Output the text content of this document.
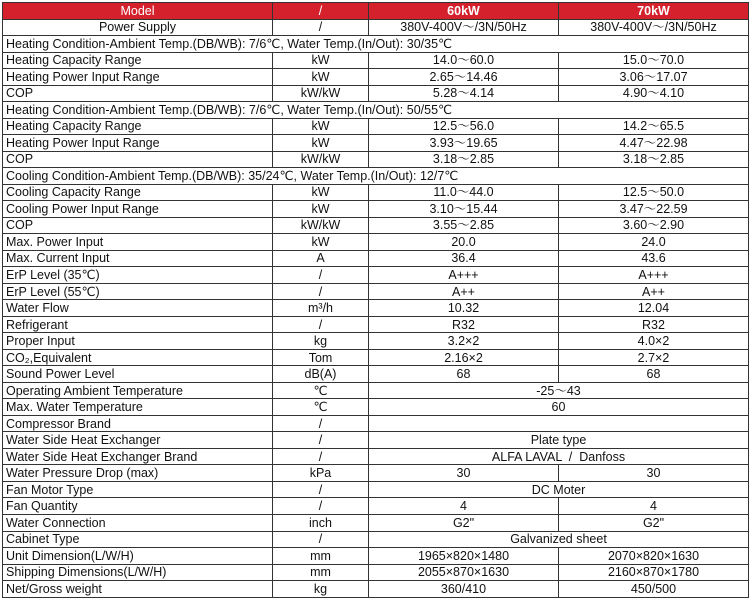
Model	/	60kW	70kW
Power Supply	/	380V-400V～/3N/50Hz	380V-400V～/3N/50Hz
Heating Condition-Ambient Temp.(DB/WB): 7/6℃, Water Temp.(In/Out): 30/35℃			
Heating Capacity Range	kW	14.0～60.0	15.0～70.0
Heating Power Input Range	kW	2.65～14.46	3.06～17.07
COP	kW/kW	5.28～4.14	4.90～4.10
Heating Condition-Ambient Temp.(DB/WB): 7/6℃, Water Temp.(In/Out): 50/55℃			
Heating Capacity Range	kW	12.5～56.0	14.2～65.5
Heating Power Input Range	kW	3.93～19.65	4.47～22.98
COP	kW/kW	3.18～2.85	3.18～2.85
Cooling Condition-Ambient Temp.(DB/WB): 35/24℃, Water Temp.(In/Out): 12/7℃			
Cooling Capacity Range	kW	11.0～44.0	12.5～50.0
Cooling Power Input Range	kW	3.10～15.44	3.47～22.59
COP	kW/kW	3.55～2.85	3.60～2.90
Max. Power Input	kW	20.0	24.0
Max. Current Input	A	36.4	43.6
ErP Level (35℃)	/	A+++	A+++
ErP Level (55℃)	/	A++	A++
Water Flow	m³/h	10.32	12.04
Refrigerant	/	R32	R32
Proper Input	kg	3.2×2	4.0×2
CO₂,Equivalent	Tom	2.16×2	2.7×2
Sound Power Level	dB(A)	68	68
Operating Ambient Temperature	℃	-25～43	
Max. Water Temperature	℃	60	
Compressor Brand	/		
Water Side Heat Exchanger	/	Plate type	
Water Side Heat Exchanger Brand	/	ALFA LAVAL  /  Danfoss	
Water Pressure Drop (max)	kPa	30	30
Fan Motor Type	/	DC Moter	
Fan Quantity	/	4	4
Water Connection	inch	G2"	G2"
Cabinet Type	/	Galvanized sheet	
Unit Dimension(L/W/H)	mm	1965×820×1480	2070×820×1630
Shipping Dimensions(L/W/H)	mm	2055×870×1630	2160×870×1780
Net/Gross weight	kg	360/410	450/500
